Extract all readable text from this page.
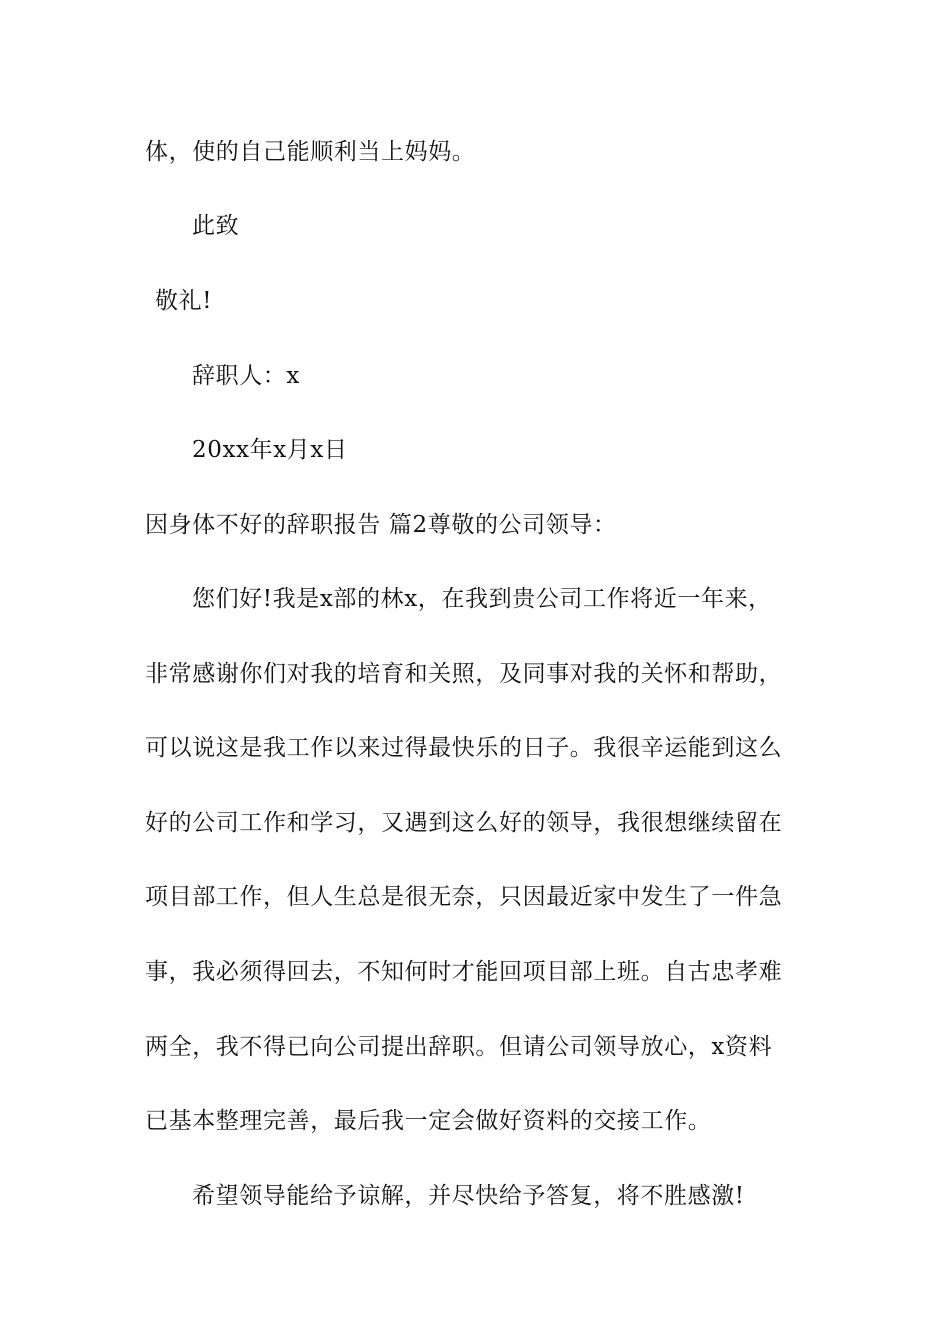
体，使的自己能顺利当上妈妈。
此致
敬礼!
辞职人：x
20xx年x月x日
因身体不好的辞职报告 篇2尊敬的公司领导：
您们好!我是x部的林x，在我到贵公司工作将近一年来，
非常感谢你们对我的培育和关照，及同事对我的关怀和帮助，
可以说这是我工作以来过得最快乐的日子。我很辛运能到这么
好的公司工作和学习，又遇到这么好的领导，我很想继续留在
项目部工作，但人生总是很无奈，只因最近家中发生了一件急
事，我必须得回去，不知何时才能回项目部上班。自古忠孝难
两全，我不得已向公司提出辞职。但请公司领导放心，x资料
已基本整理完善，最后我一定会做好资料的交接工作。
希望领导能给予谅解，并尽快给予答复，将不胜感激!
